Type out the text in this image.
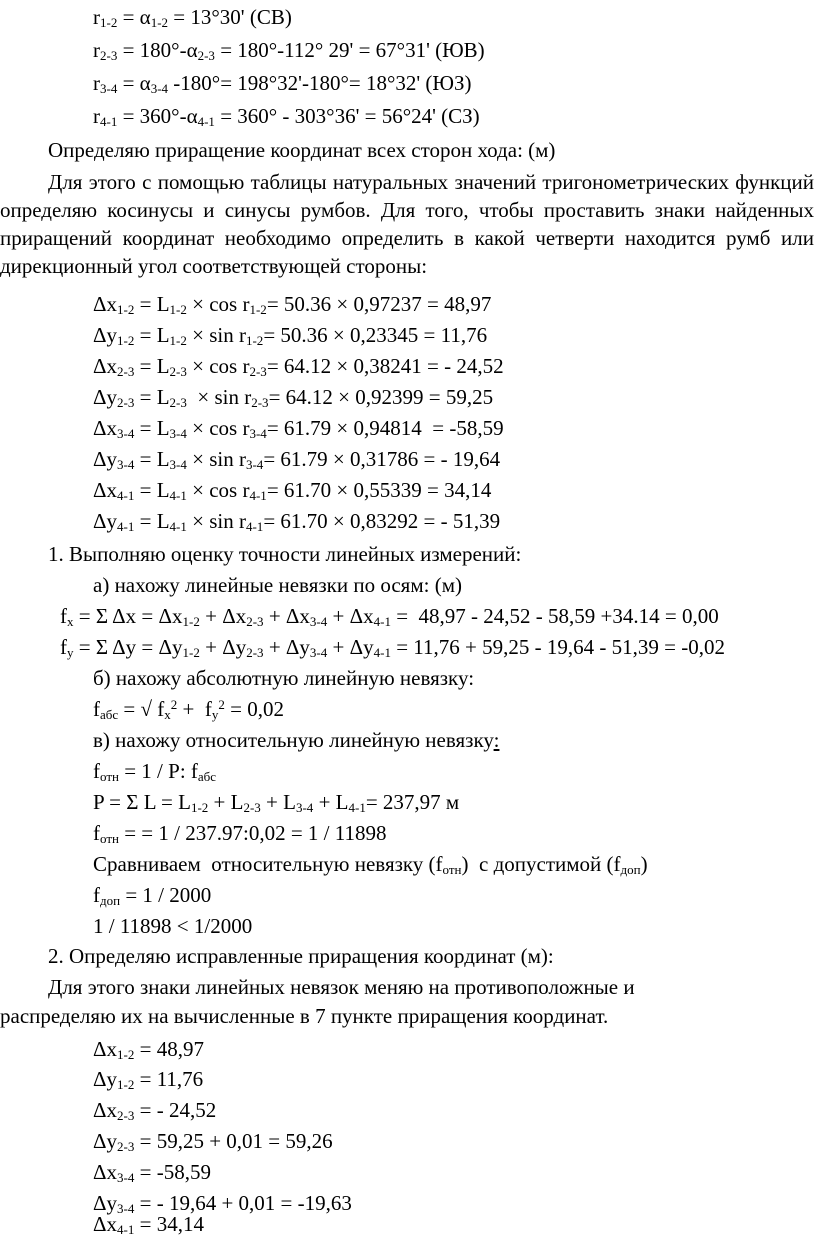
$r_{1-2} = \alpha_{1-2} = 13^\circ 30'$ (СВ)
$r_{2-3} = 180^\circ-\alpha_{2-3} = 180^\circ-112^\circ$ 29' = 67°31' (ЮВ)
$r_{3-4} = \alpha_{3-4}$ -180°= 198°32'-180°= 18°32' (ЮЗ)
$r_{4-1} = 360^\circ-\alpha_{4-1} = 360^\circ - 303^\circ 36' = 56^\circ 24'$ (СЗ)
Определяю приращение координат всех сторон хода: (м)
Для этого с помощью таблицы натуральных значений тригонометрических функций определяю косинусы и синусы румбов. Для того, чтобы проставить знаки найденных приращений координат необходимо определить в какой четверти находится румб или дирекционный угол соответствующей стороны:
$\Delta x_{1-2} = L_{1-2} \times \cos r_{1-2}= 50.36 \times 0,97237 = 48,97$
$\Delta y_{1-2} = L_{1-2} \times \sin r_{1-2}= 50.36 \times 0,23345 = 11,76$
$\Delta x_{2-3} = L_{2-3} \times \cos r_{2-3}= 64.12 \times 0,38241$ = - 24,52
$\Delta y_{2-3} = L_{2-3} \times \sin r_{2-3}= 64.12 \times 0,92399 = 59,25$
$\Delta x_{3-4} = L_{3-4} \times \cos r_{3-4}= 61.79 \times 0,94814 = -58,59$
$\Delta y_{3-4} = L_{3-4} \times \sin r_{3-4}= 61.79 \times 0,31786$ = - 19,64
$\Delta x_{4-1} = L_{4-1} \times \cos r_{4-1}= 61.70 \times 0,55339 = 34,14$
$\Delta y_{4-1} = L_{4-1} \times \sin r_{4-1}= 61.70 \times 0,83292$ = - 51,39
1. Выполняю оценку точности линейных измерений:
а) нахожу линейные невязки по осям: (м)
$f_x = \Sigma$ $\Delta x = \Delta x_{1-2} + \Delta x_{2-3} + \Delta x_{3-4} + \Delta x_{4-1} = 48,97 - 24,52 - 58,59 +34.14 = 0,00$
$f_y = \Sigma$ $\Delta y = \Delta y_{1-2} + \Delta y_{2-3} + \Delta y_{3-4} + \Delta y_{4-1} = 11,76 + 59,25 - 19,64 - 51,39 = -0,02$
б) нахожу абсолютную линейную невязку:
$f_{абс}$ = √ $f_x^2 + f_y^2 = 0,02$
в) нахожу относительную линейную невязку:
$f_{отн} = 1 / P$: $f_{абс}$
P = Σ $L = L_{1-2} + L_{2-3} + L_{3-4} + L_{4-1}= 237,97$ м
$f_{отн}$ = = 1 / 237.97:0,02 = 1 / 11898
Сравниваем  относительную невязку $(f_{отн})$  с допустимой $(f_{доп})$
$f_{доп} = 1 / 2000$
1 / 11898 < 1/2000
2. Определяю исправленные приращения координат (м):
Для этого знаки линейных невязок меняю на противоположные и
распределяю их на вычисленные в 7 пункте приращения координат.
$\Delta x_{1-2} = 48,97$
$\Delta y_{1-2} = 11,76$
$\Delta x_{2-3}$ = - 24,52
$\Delta y_{2-3} = 59,25 + 0,01 = 59,26$
$\Delta x_{3-4} = -58,59$
$\Delta y_{3-4}$ = - 19,64 + 0,01 = -19,63
$\Delta x_{4-1} = 34,14$
